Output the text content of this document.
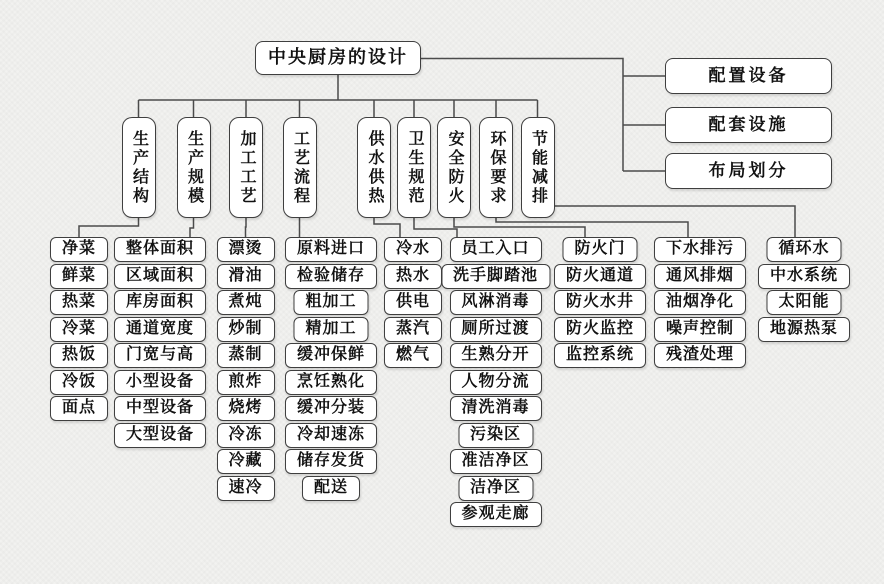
中央厨房的设计
配置设备
配套设施
布局划分
生产结构
净菜
鲜菜
热菜
冷菜
热饭
冷饭
面点
生产规模
整体面积
区域面积
库房面积
通道宽度
门宽与高
小型设备
中型设备
大型设备
加工工艺
漂烫
滑油
煮炖
炒制
蒸制
煎炸
烧烤
冷冻
冷藏
速冷
工艺流程
原料进口
检验储存
粗加工
精加工
缓冲保鲜
烹饪熟化
缓冲分装
冷却速冻
储存发货
配送
供水供热
冷水
热水
供电
蒸汽
燃气
卫生规范
员工入口
洗手脚踏池
风淋消毒
厕所过渡
生熟分开
人物分流
清洗消毒
污染区
准洁净区
洁净区
参观走廊
安全防火
防火门
防火通道
防火水井
防火监控
监控系统
环保要求
下水排污
通风排烟
油烟净化
噪声控制
残渣处理
节能减排
循环水
中水系统
太阳能
地源热泵
